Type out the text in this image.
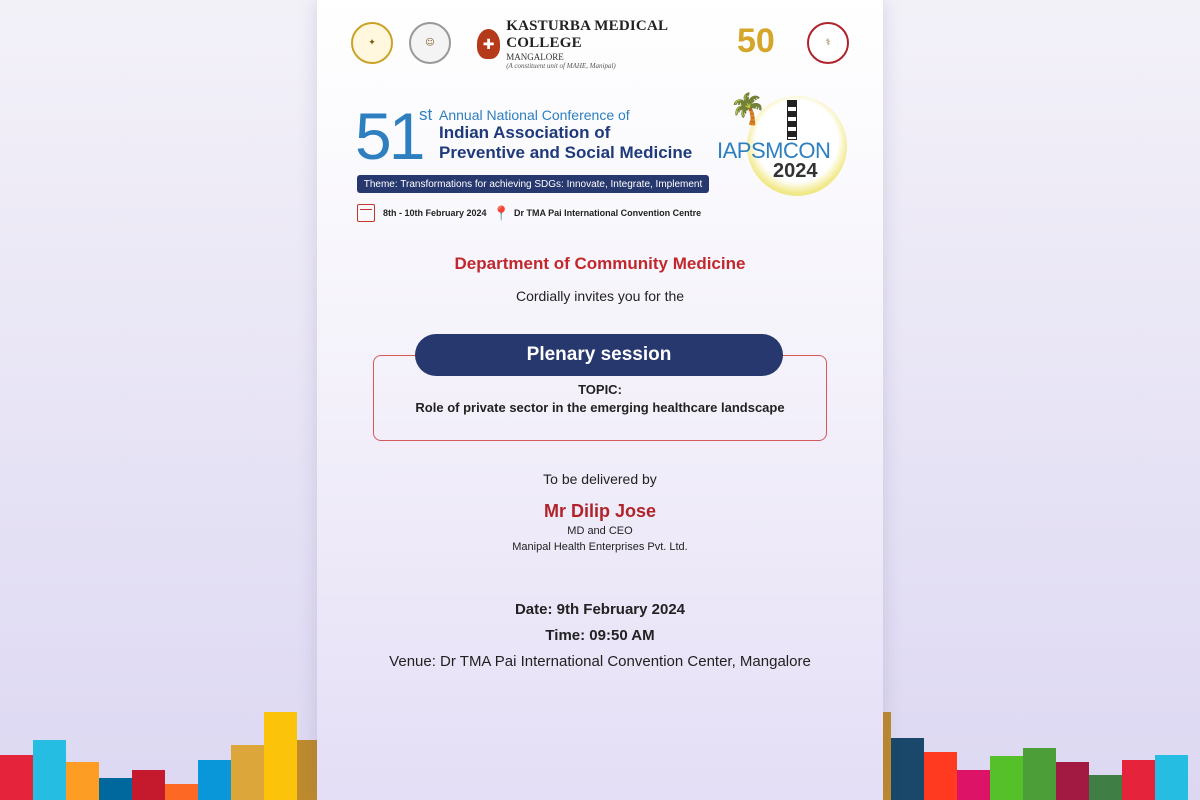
✦	☺	✚
KASTURBA MEDICAL COLLEGE
MANGALORE
(A constituent unit of MAHE, Manipal)
50	⚕
51
st Annual National Conference of
Indian Association of
Preventive and Social Medicine
Theme: Transformations for achieving SDGs: Innovate, Integrate, Implement
8th - 10th February 2024 📍 Dr TMA Pai International Convention Centre
🌴
IAPSMCON
2024
Department of Community Medicine
Cordially invites you for the
Plenary session
TOPIC:
Role of private sector in the emerging healthcare landscape
To be delivered by
Mr Dilip Jose
MD and CEO
Manipal Health Enterprises Pvt. Ltd.
Date: 9th February 2024
Time: 09:50 AM
Venue: Dr TMA Pai International Convention Center, Mangalore
